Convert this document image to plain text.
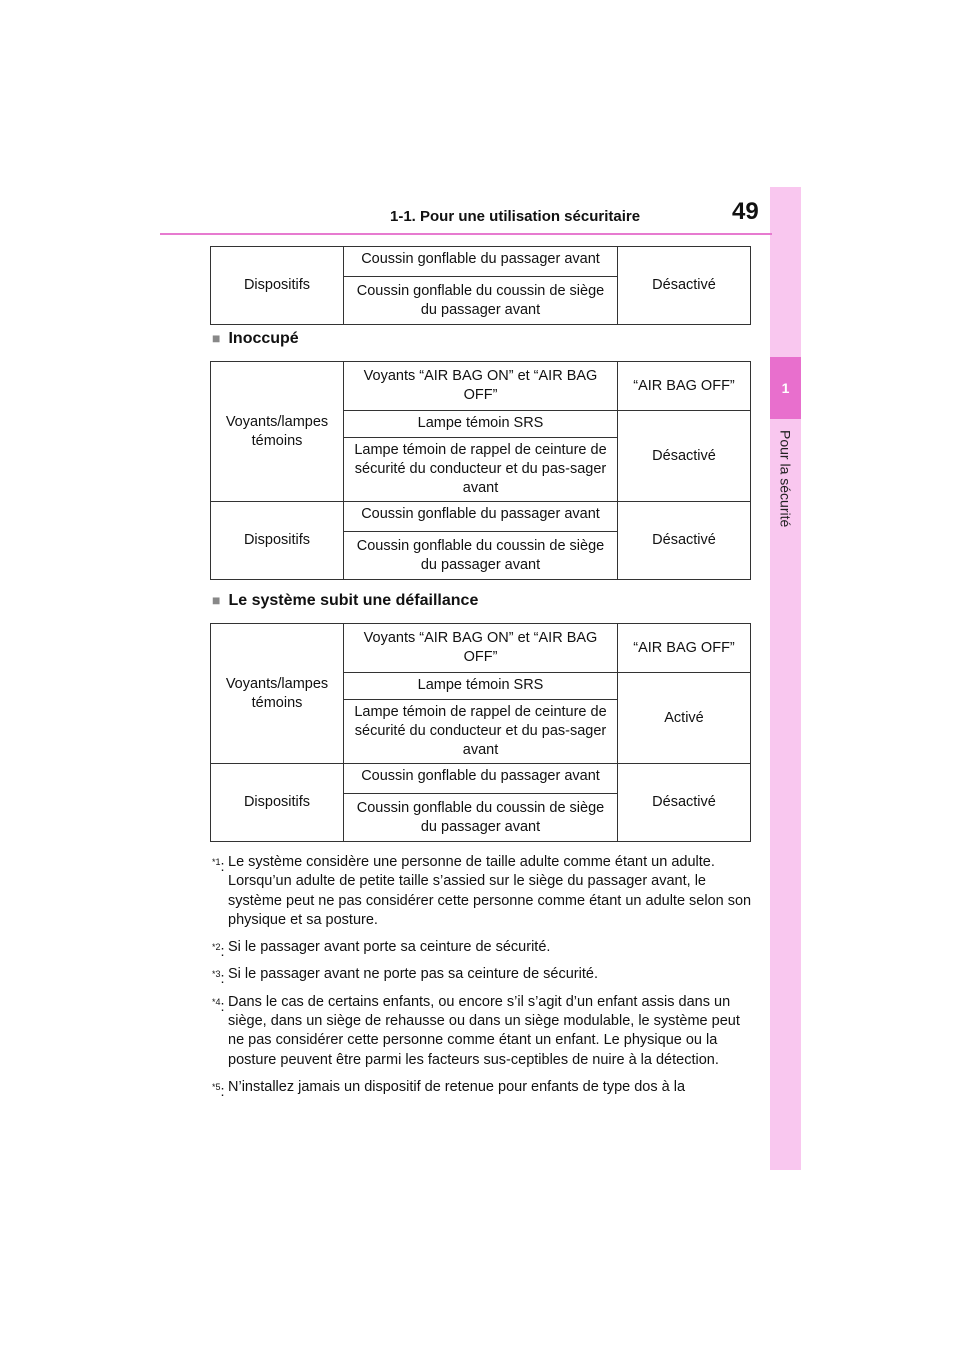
1
Pour la sécurité
1-1. Pour une utilisation sécuritaire	49
Dispositifs	Coussin gonflable du passager avant	Désactivé
Coussin gonflable du coussin de siège du passager avant
■ Inoccupé
Voyants/lampes témoins	Voyants “AIR BAG ON” et “AIR BAG OFF”	“AIR BAG OFF”
	Lampe témoin SRS	Désactivé
	Lampe témoin de rappel de ceinture de sécurité du conducteur et du pas-sager avant	
Dispositifs	Coussin gonflable du passager avant	Désactivé
	Coussin gonflable du coussin de siège du passager avant	
■ Le système subit une défaillance
Voyants/lampes témoins	Voyants “AIR BAG ON” et “AIR BAG OFF”	“AIR BAG OFF”
	Lampe témoin SRS	Activé
	Lampe témoin de rappel de ceinture de sécurité du conducteur et du pas-sager avant	
Dispositifs	Coussin gonflable du passager avant	Désactivé
	Coussin gonflable du coussin de siège du passager avant	
$^{*1}$: Le système considère une personne de taille adulte comme étant un adulte. Lorsqu’un adulte de petite taille s’assied sur le siège du passager avant, le système peut ne pas considérer cette personne comme étant un adulte selon son physique et sa posture.
$^{*2}$: Si le passager avant porte sa ceinture de sécurité.
$^{*3}$: Si le passager avant ne porte pas sa ceinture de sécurité.
$^{*4}$: Dans le cas de certains enfants, ou encore s’il s’agit d’un enfant assis dans un siège, dans un siège de rehausse ou dans un siège modulable, le système peut ne pas considérer cette personne comme étant un enfant. Le physique ou la posture peuvent être parmi les facteurs sus-ceptibles de nuire à la détection.
$^{*5}$: N’installez jamais un dispositif de retenue pour enfants de type dos à la
